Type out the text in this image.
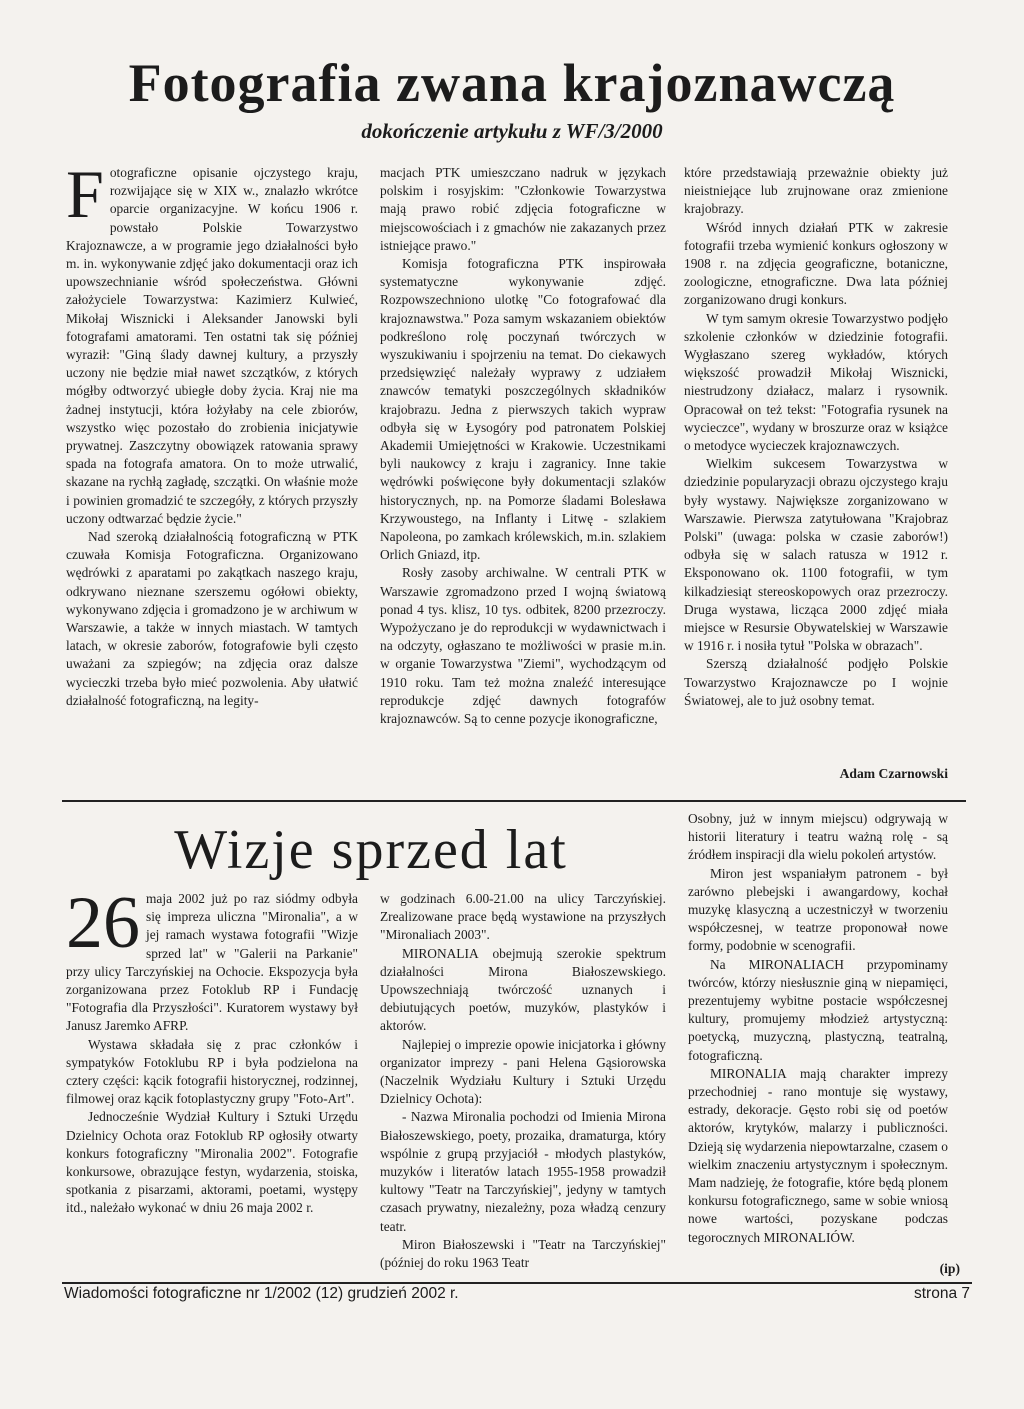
Fotografia zwana krajoznawczą
dokończenie artykułu z WF/3/2000

Fotograficzne opisanie ojczystego kraju, rozwijające się w XIX w., znalazło wkrótce oparcie organizacyjne. W końcu 1906 r. powstało Polskie Towarzystwo Krajoznawcze, a w programie jego działalności było m. in. wykonywanie zdjęć jako dokumentacji oraz ich upowszechnianie wśród społeczeństwa. Główni założyciele Towarzystwa: Kazimierz Kulwieć, Mikołaj Wisznicki i Aleksander Janowski byli fotografami amatorami. Ten ostatni tak się później wyraził: "Giną ślady dawnej kultury, a przyszły uczony nie będzie miał nawet szczątków, z których mógłby odtworzyć ubiegłe doby życia. Kraj nie ma żadnej instytucji, która łożyłaby na cele zbiorów, wszystko więc pozostało do zrobienia inicjatywie prywatnej. Zaszczytny obowiązek ratowania sprawy spada na fotografa amatora. On to może utrwalić, skazane na rychłą zagładę, szczątki. On właśnie może i powinien gromadzić te szczegóły, z których przyszły uczony odtwarzać będzie życie."

Nad szeroką działalnością fotograficzną w PTK czuwała Komisja Fotograficzna. Organizowano wędrówki z aparatami po zakątkach naszego kraju, odkrywano nieznane szerszemu ogółowi obiekty, wykonywano zdjęcia i gromadzono je w archiwum w Warszawie, a także w innych miastach. W tamtych latach, w okresie zaborów, fotografowie byli często uważani za szpiegów; na zdjęcia oraz dalsze wycieczki trzeba było mieć pozwolenia. Aby ułatwić działalność fotograficzną, na legity-

macjach PTK umieszczano nadruk w językach polskim i rosyjskim: "Członkowie Towarzystwa mają prawo robić zdjęcia fotograficzne w miejscowościach i z gmachów nie zakazanych przez istniejące prawo."

Komisja fotograficzna PTK inspirowała systematyczne wykonywanie zdjęć. Rozpowszechniono ulotkę "Co fotografować dla krajoznawstwa." Poza samym wskazaniem obiektów podkreślono rolę poczynań twórczych w wyszukiwaniu i spojrzeniu na temat. Do ciekawych przedsięwzięć należały wyprawy z udziałem znawców tematyki poszczególnych składników krajobrazu. Jedna z pierwszych takich wypraw odbyła się w Łysogóry pod patronatem Polskiej Akademii Umiejętności w Krakowie. Uczestnikami byli naukowcy z kraju i zagranicy. Inne takie wędrówki poświęcone były dokumentacji szlaków historycznych, np. na Pomorze śladami Bolesława Krzywoustego, na Inflanty i Litwę - szlakiem Napoleona, po zamkach królewskich, m.in. szlakiem Orlich Gniazd, itp.

Rosły zasoby archiwalne. W centrali PTK w Warszawie zgromadzono przed I wojną światową ponad 4 tys. klisz, 10 tys. odbitek, 8200 przezroczy. Wypożyczano je do reprodukcji w wydawnictwach i na odczyty, ogłaszano te możliwości w prasie m.in. w organie Towarzystwa "Ziemi", wychodzącym od 1910 roku. Tam też można znaleźć interesujące reprodukcje zdjęć dawnych fotografów krajoznawców. Są to cenne pozycje ikonograficzne,

które przedstawiają przeważnie obiekty już nieistniejące lub zrujnowane oraz zmienione krajobrazy.

Wśród innych działań PTK w zakresie fotografii trzeba wymienić konkurs ogłoszony w 1908 r. na zdjęcia geograficzne, botaniczne, zoologiczne, etnograficzne. Dwa lata później zorganizowano drugi konkurs.

W tym samym okresie Towarzystwo podjęło szkolenie członków w dziedzinie fotografii. Wygłaszano szereg wykładów, których większość prowadził Mikołaj Wisznicki, niestrudzony działacz, malarz i rysownik. Opracował on też tekst: "Fotografia rysunek na wycieczce", wydany w broszurze oraz w książce o metodyce wycieczek krajoznawczych.

Wielkim sukcesem Towarzystwa w dziedzinie popularyzacji obrazu ojczystego kraju były wystawy. Największe zorganizowano w Warszawie. Pierwsza zatytułowana "Krajobraz Polski" (uwaga: polska w czasie zaborów!) odbyła się w salach ratusza w 1912 r. Eksponowano ok. 1100 fotografii, w tym kilkadziesiąt stereoskopowych oraz przezroczy. Druga wystawa, licząca 2000 zdjęć miała miejsce w Resursie Obywatelskiej w Warszawie w 1916 r. i nosiła tytuł "Polska w obrazach".

Szerszą działalność podjęło Polskie Towarzystwo Krajoznawcze po I wojnie Światowej, ale to już osobny temat.

Adam Czarnowski
Wizje sprzed lat

26 maja 2002 już po raz siódmy odbyła się impreza uliczna "Mironalia", a w jej ramach wystawa fotografii "Wizje sprzed lat" w "Galerii na Parkanie" przy ulicy Tarczyńskiej na Ochocie. Ekspozycja była zorganizowana przez Fotoklub RP i Fundację "Fotografia dla Przyszłości". Kuratorem wystawy był Janusz Jaremko AFRP.

Wystawa składała się z prac członków i sympatyków Fotoklubu RP i była podzielona na cztery części: kącik fotografii historycznej, rodzinnej, filmowej oraz kącik fotoplastyczny grupy "Foto-Art".

Jednocześnie Wydział Kultury i Sztuki Urzędu Dzielnicy Ochota oraz Fotoklub RP ogłosiły otwarty konkurs fotograficzny "Mironalia 2002". Fotografie konkursowe, obrazujące festyn, wydarzenia, stoiska, spotkania z pisarzami, aktorami, poetami, występy itd., należało wykonać w dniu 26 maja 2002 r.

w godzinach 6.00-21.00 na ulicy Tarczyńskiej. Zrealizowane prace będą wystawione na przyszłych "Mironaliach 2003".

MIRONALIA obejmują szerokie spektrum działalności Mirona Białoszewskiego. Upowszechniają twórczość uznanych i debiutujących poetów, muzyków, plastyków i aktorów.

Najlepiej o imprezie opowie inicjatorka i główny organizator imprezy - pani Helena Gąsiorowska (Naczelnik Wydziału Kultury i Sztuki Urzędu Dzielnicy Ochota):

- Nazwa Mironalia pochodzi od Imienia Mirona Białoszewskiego, poety, prozaika, dramaturga, który wspólnie z grupą przyjaciół - młodych plastyków, muzyków i literatów latach 1955-1958 prowadził kultowy "Teatr na Tarczyńskiej", jedyny w tamtych czasach prywatny, niezależny, poza władzą cenzury teatr.

Miron Białoszewski i "Teatr na Tarczyńskiej" (później do roku 1963 Teatr

Osobny, już w innym miejscu) odgrywają w historii literatury i teatru ważną rolę - są źródłem inspiracji dla wielu pokoleń artystów.

Miron jest wspaniałym patronem - był zarówno plebejski i awangardowy, kochał muzykę klasyczną a uczestniczył w tworzeniu współczesnej, w teatrze proponował nowe formy, podobnie w scenografii.

Na MIRONALIACH przypominamy twórców, którzy niesłusznie giną w niepamięci, prezentujemy wybitne postacie współczesnej kultury, promujemy młodzież artystyczną: poetycką, muzyczną, plastyczną, teatralną, fotograficzną.

MIRONALIA mają charakter imprezy przechodniej - rano montuje się wystawy, estrady, dekoracje. Gęsto robi się od poetów aktorów, krytyków, malarzy i publiczności. Dzieją się wydarzenia niepowtarzalne, czasem o wielkim znaczeniu artystycznym i społecznym. Mam nadzieję, że fotografie, które będą plonem konkursu fotograficznego, same w sobie wniosą nowe wartości, pozyskane podczas tegorocznych MIRONALIÓW.

(ip)
Wiadomości fotograficzne nr 1/2002 (12) grudzień 2002 r.	strona 7
